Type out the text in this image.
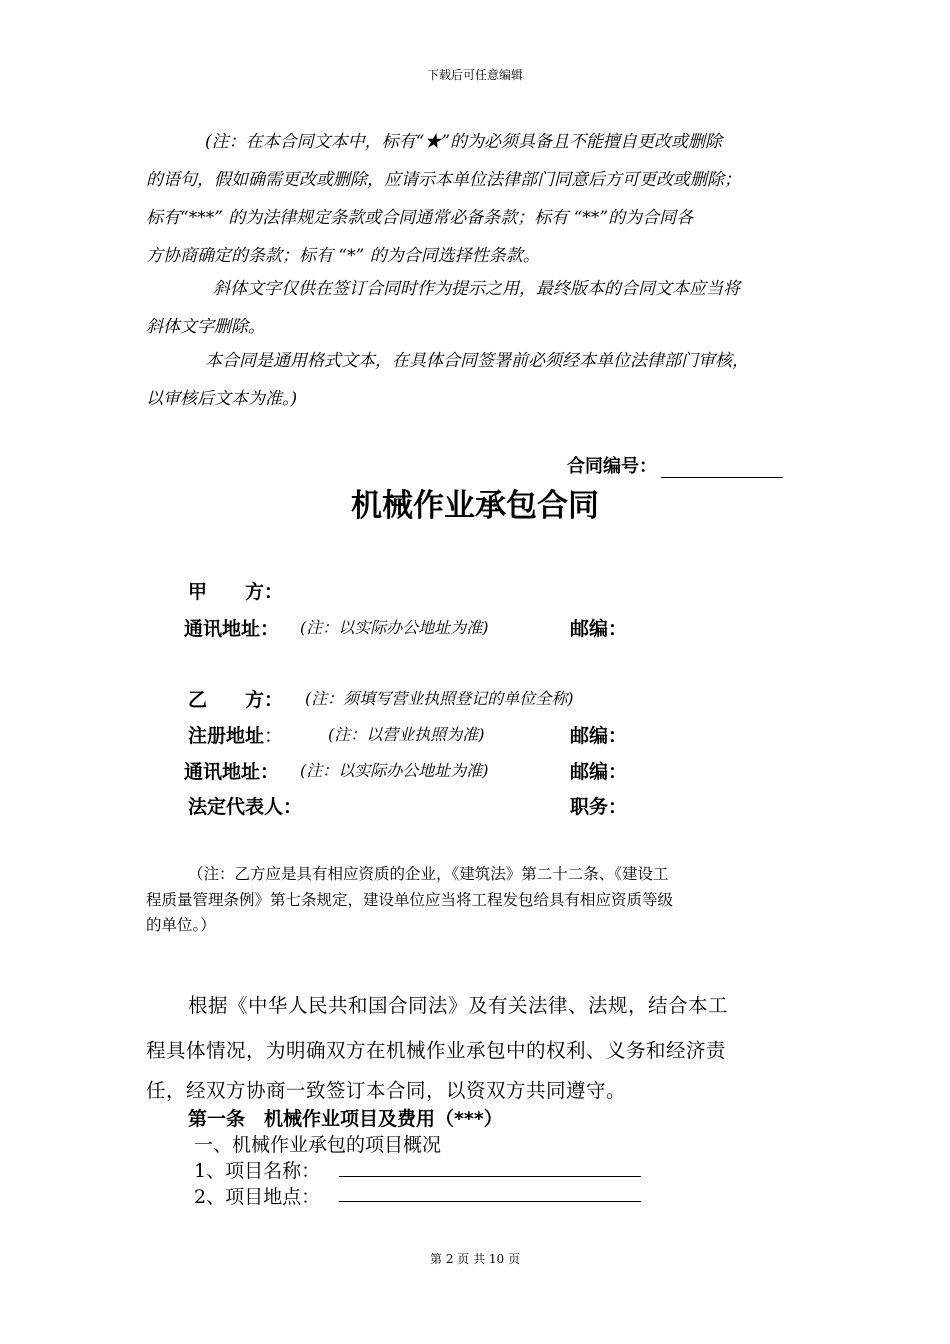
下载后可任意编辑
(注：在本合同文本中，标有“★”的为必须具备且不能擅自更改或删除
的语句，假如确需更改或删除，应请示本单位法律部门同意后方可更改或删除；
标有“***” 的为法律规定条款或合同通常必备条款；标有 “**”的为合同各
方协商确定的条款；标有 “*” 的为合同选择性条款。
斜体文字仅供在签订合同时作为提示之用，最终版本的合同文本应当将
斜体文字删除。
本合同是通用格式文本，在具体合同签署前必须经本单位法律部门审核，
以审核后文本为准。)
合同编号：
机械作业承包合同
甲　　方：
通讯地址： (注：以实际办公地址为准)	邮编：
乙　　方： (注：须填写营业执照登记的单位全称)
注册地址：	(注：以营业执照为准)	邮编：
通讯地址： (注：以实际办公地址为准)	邮编：
法定代表人：	职务：
（注：乙方应是具有相应资质的企业，《建筑法》第二十二条、《建设工
程质量管理条例》第七条规定，建设单位应当将工程发包给具有相应资质等级
的单位。）
根据《中华人民共和国合同法》及有关法律、法规，结合本工
程具体情况，为明确双方在机械作业承包中的权利、义务和经济责
任，经双方协商一致签订本合同，以资双方共同遵守。
第一条　机械作业项目及费用（***）
一、机械作业承包的项目概况
1、项目名称：
2、项目地点：
第 2 页 共 10 页
